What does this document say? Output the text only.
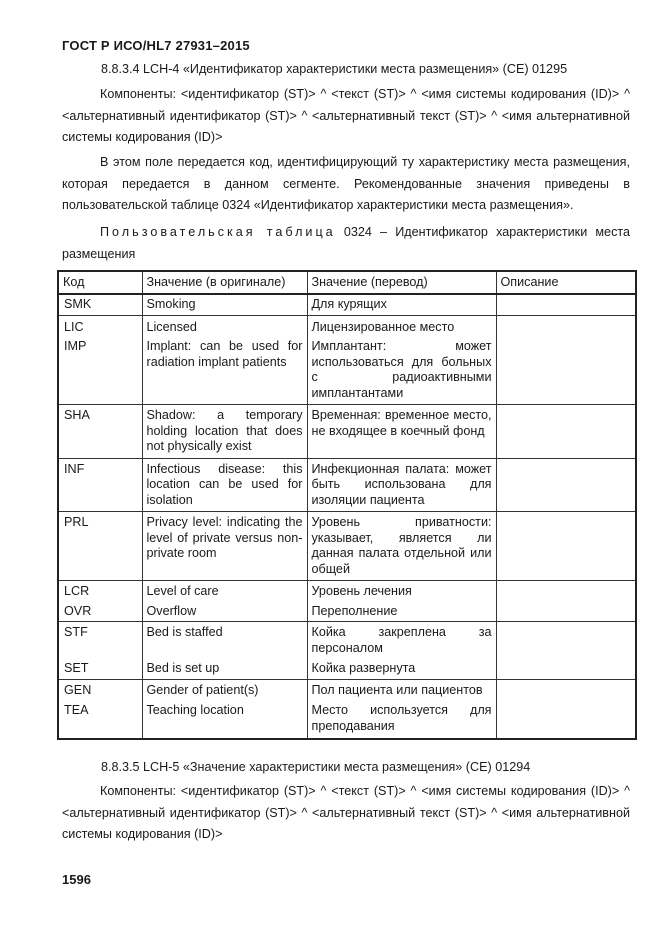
ГОСТ Р ИСО/HL7 27931–2015
8.8.3.4 LCH-4 «Идентификатор характеристики места размещения» (СЕ) 01295
Компоненты: <идентификатор (ST)> ^ <текст (ST)> ^ <имя системы кодирования (ID)> ^ <альтернативный идентификатор (ST)> ^ <альтернативный текст (ST)> ^ <имя альтернативной системы кодирования (ID)>
В этом поле передается код, идентифицирующий ту характеристику места размещения, которая передается в данном сегменте. Рекомендованные значения приведены в пользовательской таблице 0324 «Идентификатор характеристики места размещения».
Пользовательская таблица 0324 – Идентификатор характеристики места размещения
Код	Значение (в оригинале)	Значение (перевод)	Описание
SMK	Smoking	Для курящих	
LIC	Licensed	Лицензированное место	
IMP	Implant: can be used for radiation implant patients	Имплантант: может использоваться для больных с радиоактивными имплантантами	
SHA	Shadow: a temporary holding location that does not physically exist	Временная: временное место, не входящее в коечный фонд	
INF	Infectious disease: this location can be used for isolation	Инфекционная палата: может быть использована для изоляции пациента	
PRL	Privacy level: indicating the level of private versus non-private room	Уровень приватности: указывает, является ли данная палата отдельной или общей	
LCR	Level of care	Уровень лечения	
OVR	Overflow	Переполнение	
STF	Bed is staffed	Койка закреплена за персоналом	
SET	Bed is set up	Койка развернута	
GEN	Gender of patient(s)	Пол пациента или пациентов	
TEA	Teaching location	Место используется для преподавания	
8.8.3.5 LCH-5 «Значение характеристики места размещения» (СЕ) 01294
Компоненты: <идентификатор (ST)> ^ <текст (ST)> ^ <имя системы кодирования (ID)> ^ <альтернативный идентификатор (ST)> ^ <альтернативный текст (ST)> ^ <имя альтернативной системы кодирования (ID)>
1596
